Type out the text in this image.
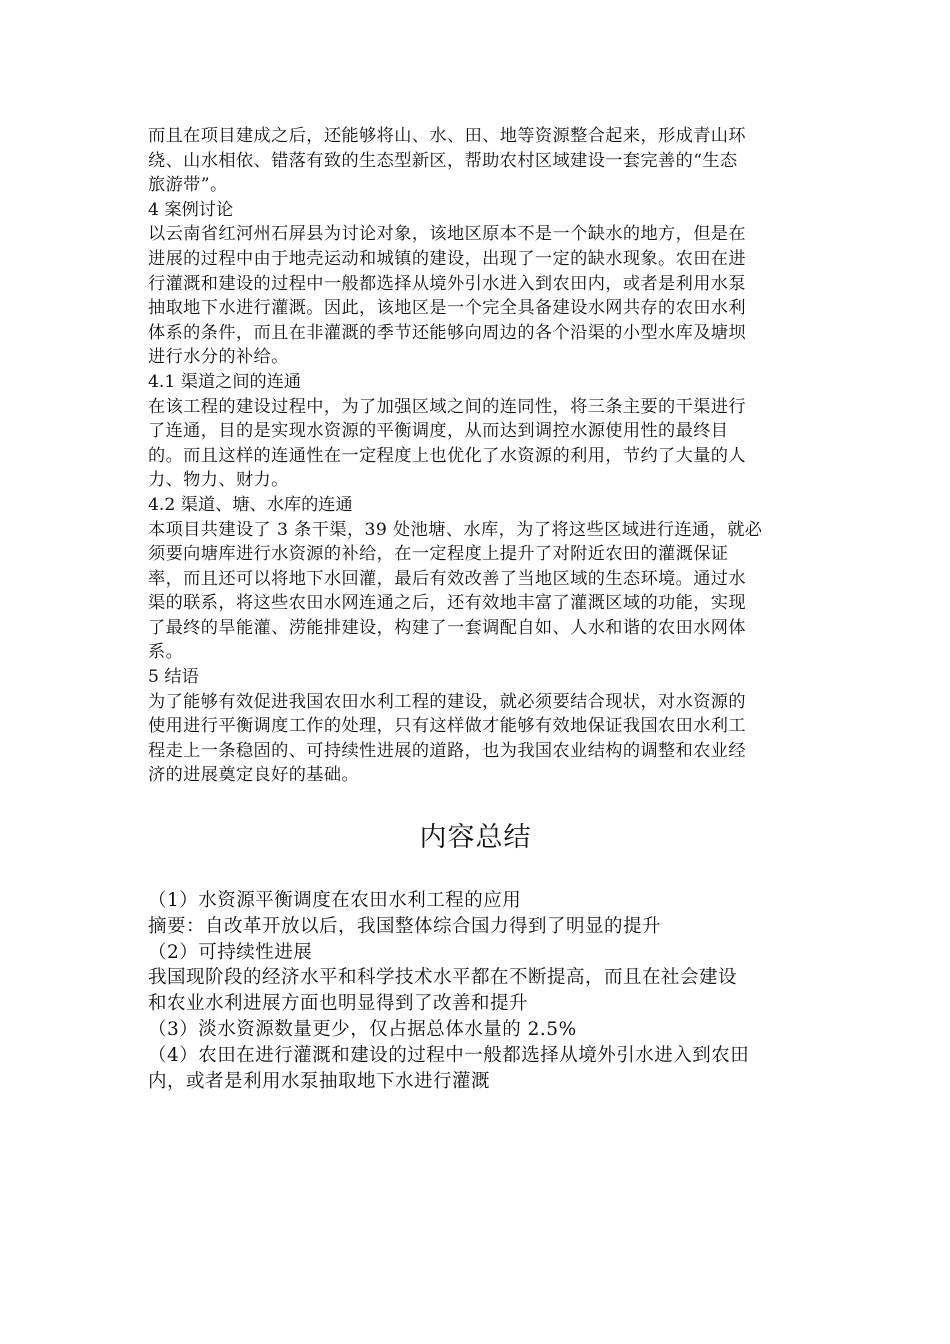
而且在项目建成之后，还能够将山、水、田、地等资源整合起来，形成青山环
绕、山水相依、错落有致的生态型新区，帮助农村区域建设一套完善的“生态
旅游带”。
4 案例讨论
以云南省红河州石屏县为讨论对象，该地区原本不是一个缺水的地方，但是在
进展的过程中由于地壳运动和城镇的建设，出现了一定的缺水现象。农田在进
行灌溉和建设的过程中一般都选择从境外引水进入到农田内，或者是利用水泵
抽取地下水进行灌溉。因此，该地区是一个完全具备建设水网共存的农田水利
体系的条件，而且在非灌溉的季节还能够向周边的各个沿渠的小型水库及塘坝
进行水分的补给。
4.1 渠道之间的连通
在该工程的建设过程中，为了加强区域之间的连同性，将三条主要的干渠进行
了连通，目的是实现水资源的平衡调度，从而达到调控水源使用性的最终目
的。而且这样的连通性在一定程度上也优化了水资源的利用，节约了大量的人
力、物力、财力。
4.2 渠道、塘、水库的连通
本项目共建设了 3 条干渠，39 处池塘、水库，为了将这些区域进行连通，就必
须要向塘库进行水资源的补给，在一定程度上提升了对附近农田的灌溉保证
率，而且还可以将地下水回灌，最后有效改善了当地区域的生态环境。通过水
渠的联系，将这些农田水网连通之后，还有效地丰富了灌溉区域的功能，实现
了最终的旱能灌、涝能排建设，构建了一套调配自如、人水和谐的农田水网体
系。
5 结语
为了能够有效促进我国农田水利工程的建设，就必须要结合现状，对水资源的
使用进行平衡调度工作的处理，只有这样做才能够有效地保证我国农田水利工
程走上一条稳固的、可持续性进展的道路，也为我国农业结构的调整和农业经
济的进展奠定良好的基础。
内容总结
（1）水资源平衡调度在农田水利工程的应用
摘要：自改革开放以后，我国整体综合国力得到了明显的提升
（2）可持续性进展
我国现阶段的经济水平和科学技术水平都在不断提高，而且在社会建设
和农业水利进展方面也明显得到了改善和提升
（3）淡水资源数量更少，仅占据总体水量的 2.5%
（4）农田在进行灌溉和建设的过程中一般都选择从境外引水进入到农田
内，或者是利用水泵抽取地下水进行灌溉
